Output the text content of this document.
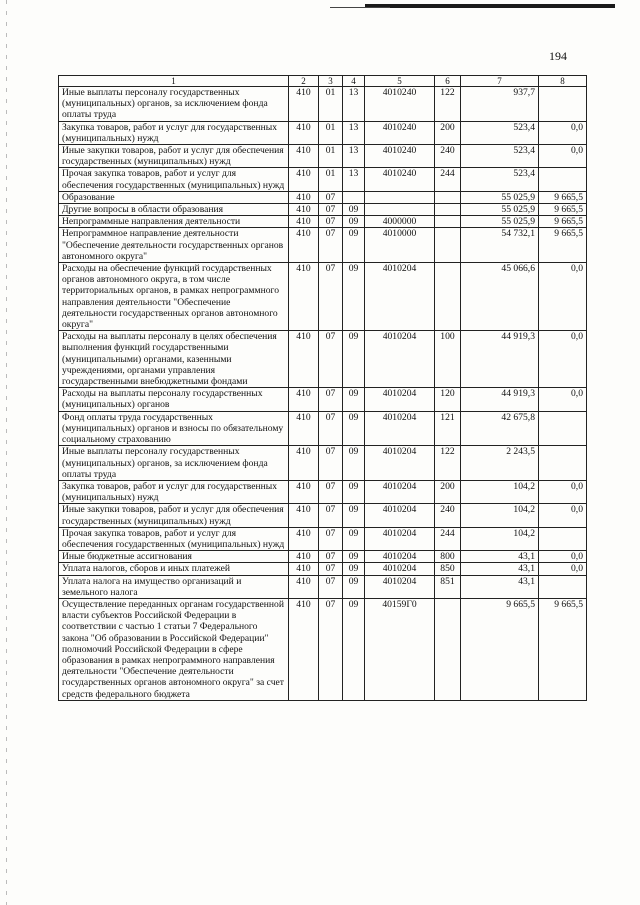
194
1	2	3	4	5	6	7	8
Иные выплаты персоналу государственных (муниципальных) органов, за исключением фонда оплаты труда	410	01	13	4010240	122	937,7	
Закупка товаров, работ и услуг для государственных (муниципальных) нужд	410	01	13	4010240	200	523,4	0,0
Иные закупки товаров, работ и услуг для обеспечения государственных (муниципальных) нужд	410	01	13	4010240	240	523,4	0,0
Прочая закупка товаров, работ и услуг для обеспечения государственных (муниципальных) нужд	410	01	13	4010240	244	523,4	
Образование	410	07				55 025,9	9 665,5
Другие вопросы в области образования	410	07	09			55 025,9	9 665,5
Непрограммные направления деятельности	410	07	09	4000000		55 025,9	9 665,5
Непрограммное направление деятельности "Обеспечение деятельности государственных органов автономного округа"	410	07	09	4010000		54 732,1	9 665,5
Расходы на обеспечение функций государственных органов автономного округа, в том числе территориальных органов, в рамках непрограммного направления деятельности "Обеспечение деятельности государственных органов автономного округа"	410	07	09	4010204		45 066,6	0,0
Расходы на выплаты персоналу в целях обеспечения выполнения функций государственными (муниципальными) органами, казенными учреждениями, органами управления государственными внебюджетными фондами	410	07	09	4010204	100	44 919,3	0,0
Расходы на выплаты персоналу государственных (муниципальных) органов	410	07	09	4010204	120	44 919,3	0,0
Фонд оплаты труда государственных (муниципальных) органов и взносы по обязательному социальному страхованию	410	07	09	4010204	121	42 675,8	
Иные выплаты персоналу государственных (муниципальных) органов, за исключением фонда оплаты труда	410	07	09	4010204	122	2 243,5	
Закупка товаров, работ и услуг для государственных (муниципальных) нужд	410	07	09	4010204	200	104,2	0,0
Иные закупки товаров, работ и услуг для обеспечения государственных (муниципальных) нужд	410	07	09	4010204	240	104,2	0,0
Прочая закупка товаров, работ и услуг для обеспечения государственных (муниципальных) нужд	410	07	09	4010204	244	104,2	
Иные бюджетные ассигнования	410	07	09	4010204	800	43,1	0,0
Уплата налогов, сборов и иных платежей	410	07	09	4010204	850	43,1	0,0
Уплата налога на имущество организаций и земельного налога	410	07	09	4010204	851	43,1	
Осуществление переданных органам государственной власти субъектов Российской Федерации в соответствии с частью 1 статьи 7 Федерального закона "Об образовании в Российской Федерации" полномочий Российской Федерации в сфере образования в рамках непрограммного направления деятельности "Обеспечение деятельности государственных органов автономного округа" за счет средств федерального бюджета	410	07	09	40159Г0		9 665,5	9 665,5
